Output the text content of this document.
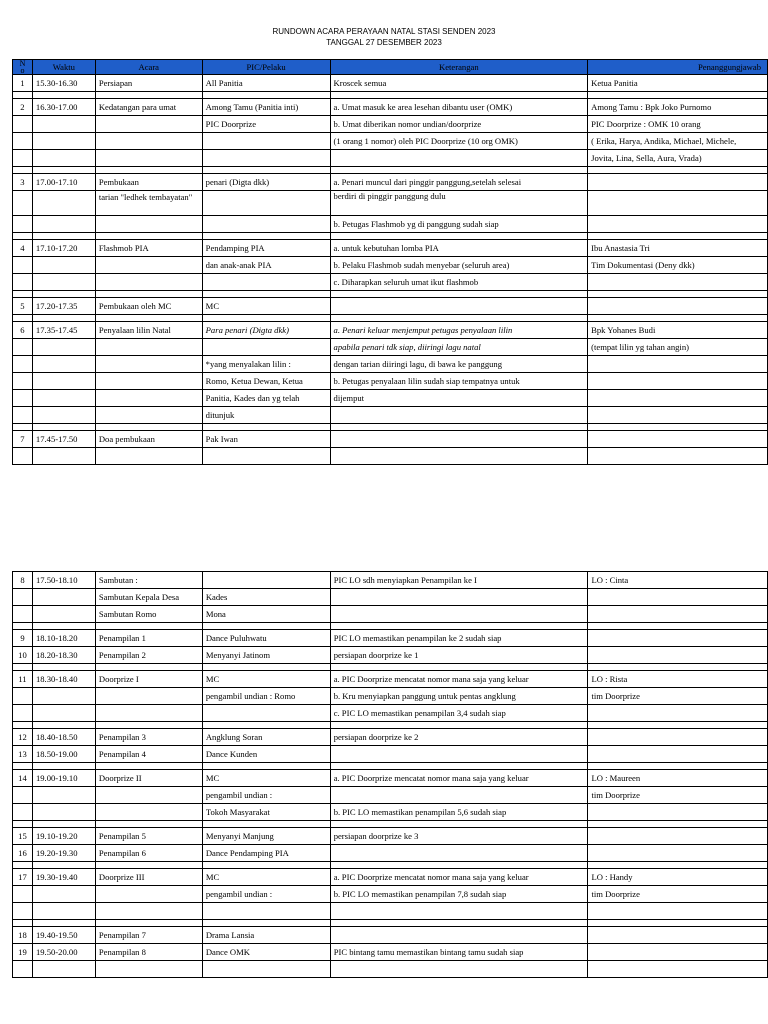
RUNDOWN ACARA PERAYAAN NATAL STASI SENDEN 2023
TANGGAL 27 DESEMBER 2023
N
o	Waktu	Acara	PIC/Pelaku	Keterangan	Penanggungjawab
1	15.30-16.30	Persiapan	All Panitia	Kroscek semua	Ketua Panitia

2	16.30-17.00	Kedatangan para umat	Among Tamu (Panitia inti)	a. Umat masuk ke area lesehan dibantu user (OMK)	Among Tamu : Bpk Joko Purnomo
			PIC Doorprize	b. Umat diberikan nomor undian/doorprize	PIC Doorprize : OMK 10 orang
				(1 orang 1 nomor) oleh PIC Doorprize (10 org OMK)	( Erika, Harya, Andika, Michael, Michele,
					Jovita, Lina, Sella, Aura, Vrada)

3	17.00-17.10	Pembukaan	penari (Digta dkk)	a. Penari muncul dari pinggir panggung,setelah selesai	
		tarian "ledhek tembayatan"		berdiri di pinggir panggung dulu	
				b. Petugas Flashmob yg di panggung sudah siap	

4	17.10-17.20	Flashmob PIA	Pendamping PIA	a. untuk kebutuhan lomba PIA	Ibu Anastasia Tri
			dan anak-anak PIA	b. Pelaku Flashmob sudah menyebar (seluruh area)	Tim Dokumentasi (Deny dkk)
				c. Diharapkan seluruh umat ikut flashmob	

5	17.20-17.35	Pembukaan oleh MC	MC		

6	17.35-17.45	Penyalaan lilin Natal	Para penari (Digta dkk)	a. Penari keluar menjemput petugas penyalaan lilin	Bpk Yohanes Budi
				apabila penari tdk siap, diiringi lagu natal	(tempat lilin yg tahan angin)
			*yang menyalakan lilin :	dengan tarian diiringi lagu, di bawa ke panggung	
			Romo, Ketua Dewan, Ketua	b. Petugas penyalaan lilin sudah siap tempatnya untuk	
			Panitia, Kades dan yg telah	dijemput	
			ditunjuk		

7	17.45-17.50	Doa pembukaan	Pak Iwan		

8	17.50-18.10	Sambutan :		PIC LO sdh menyiapkan Penampilan ke I	LO : Cinta
		Sambutan Kepala Desa	Kades		
		Sambutan Romo	Mona		

9	18.10-18.20	Penampilan 1	Dance Puluhwatu	PIC LO memastikan penampilan ke 2 sudah siap	
10	18.20-18.30	Penampilan 2	Menyanyi Jatinom	persiapan doorprize ke 1	

11	18.30-18.40	Doorprize I	MC	a. PIC Doorprize mencatat nomor mana saja yang keluar	LO : Rista
			pengambil undian : Romo	b. Kru menyiapkan panggung untuk pentas angklung	tim Doorprize
				c. PIC LO memastikan penampilan 3,4 sudah siap	

12	18.40-18.50	Penampilan 3	Angklung Soran	persiapan doorprize ke 2	
13	18.50-19.00	Penampilan 4	Dance Kunden		

14	19.00-19.10	Doorprize II	MC	a. PIC Doorprize mencatat nomor mana saja yang keluar	LO : Maureen
			pengambil undian :		tim Doorprize
			Tokoh Masyarakat	b. PIC LO memastikan penampilan 5,6 sudah siap	

15	19.10-19.20	Penampilan 5	Menyanyi Manjung	persiapan doorprize ke 3	
16	19.20-19.30	Penampilan 6	Dance Pendamping PIA		

17	19.30-19.40	Doorprize III	MC	a. PIC Doorprize mencatat nomor mana saja yang keluar	LO : Handy
			pengambil undian :	b. PIC LO memastikan penampilan 7,8 sudah siap	tim Doorprize

18	19.40-19.50	Penampilan 7	Drama Lansia		
19	19.50-20.00	Penampilan 8	Dance OMK	PIC bintang tamu memastikan bintang tamu sudah siap	
